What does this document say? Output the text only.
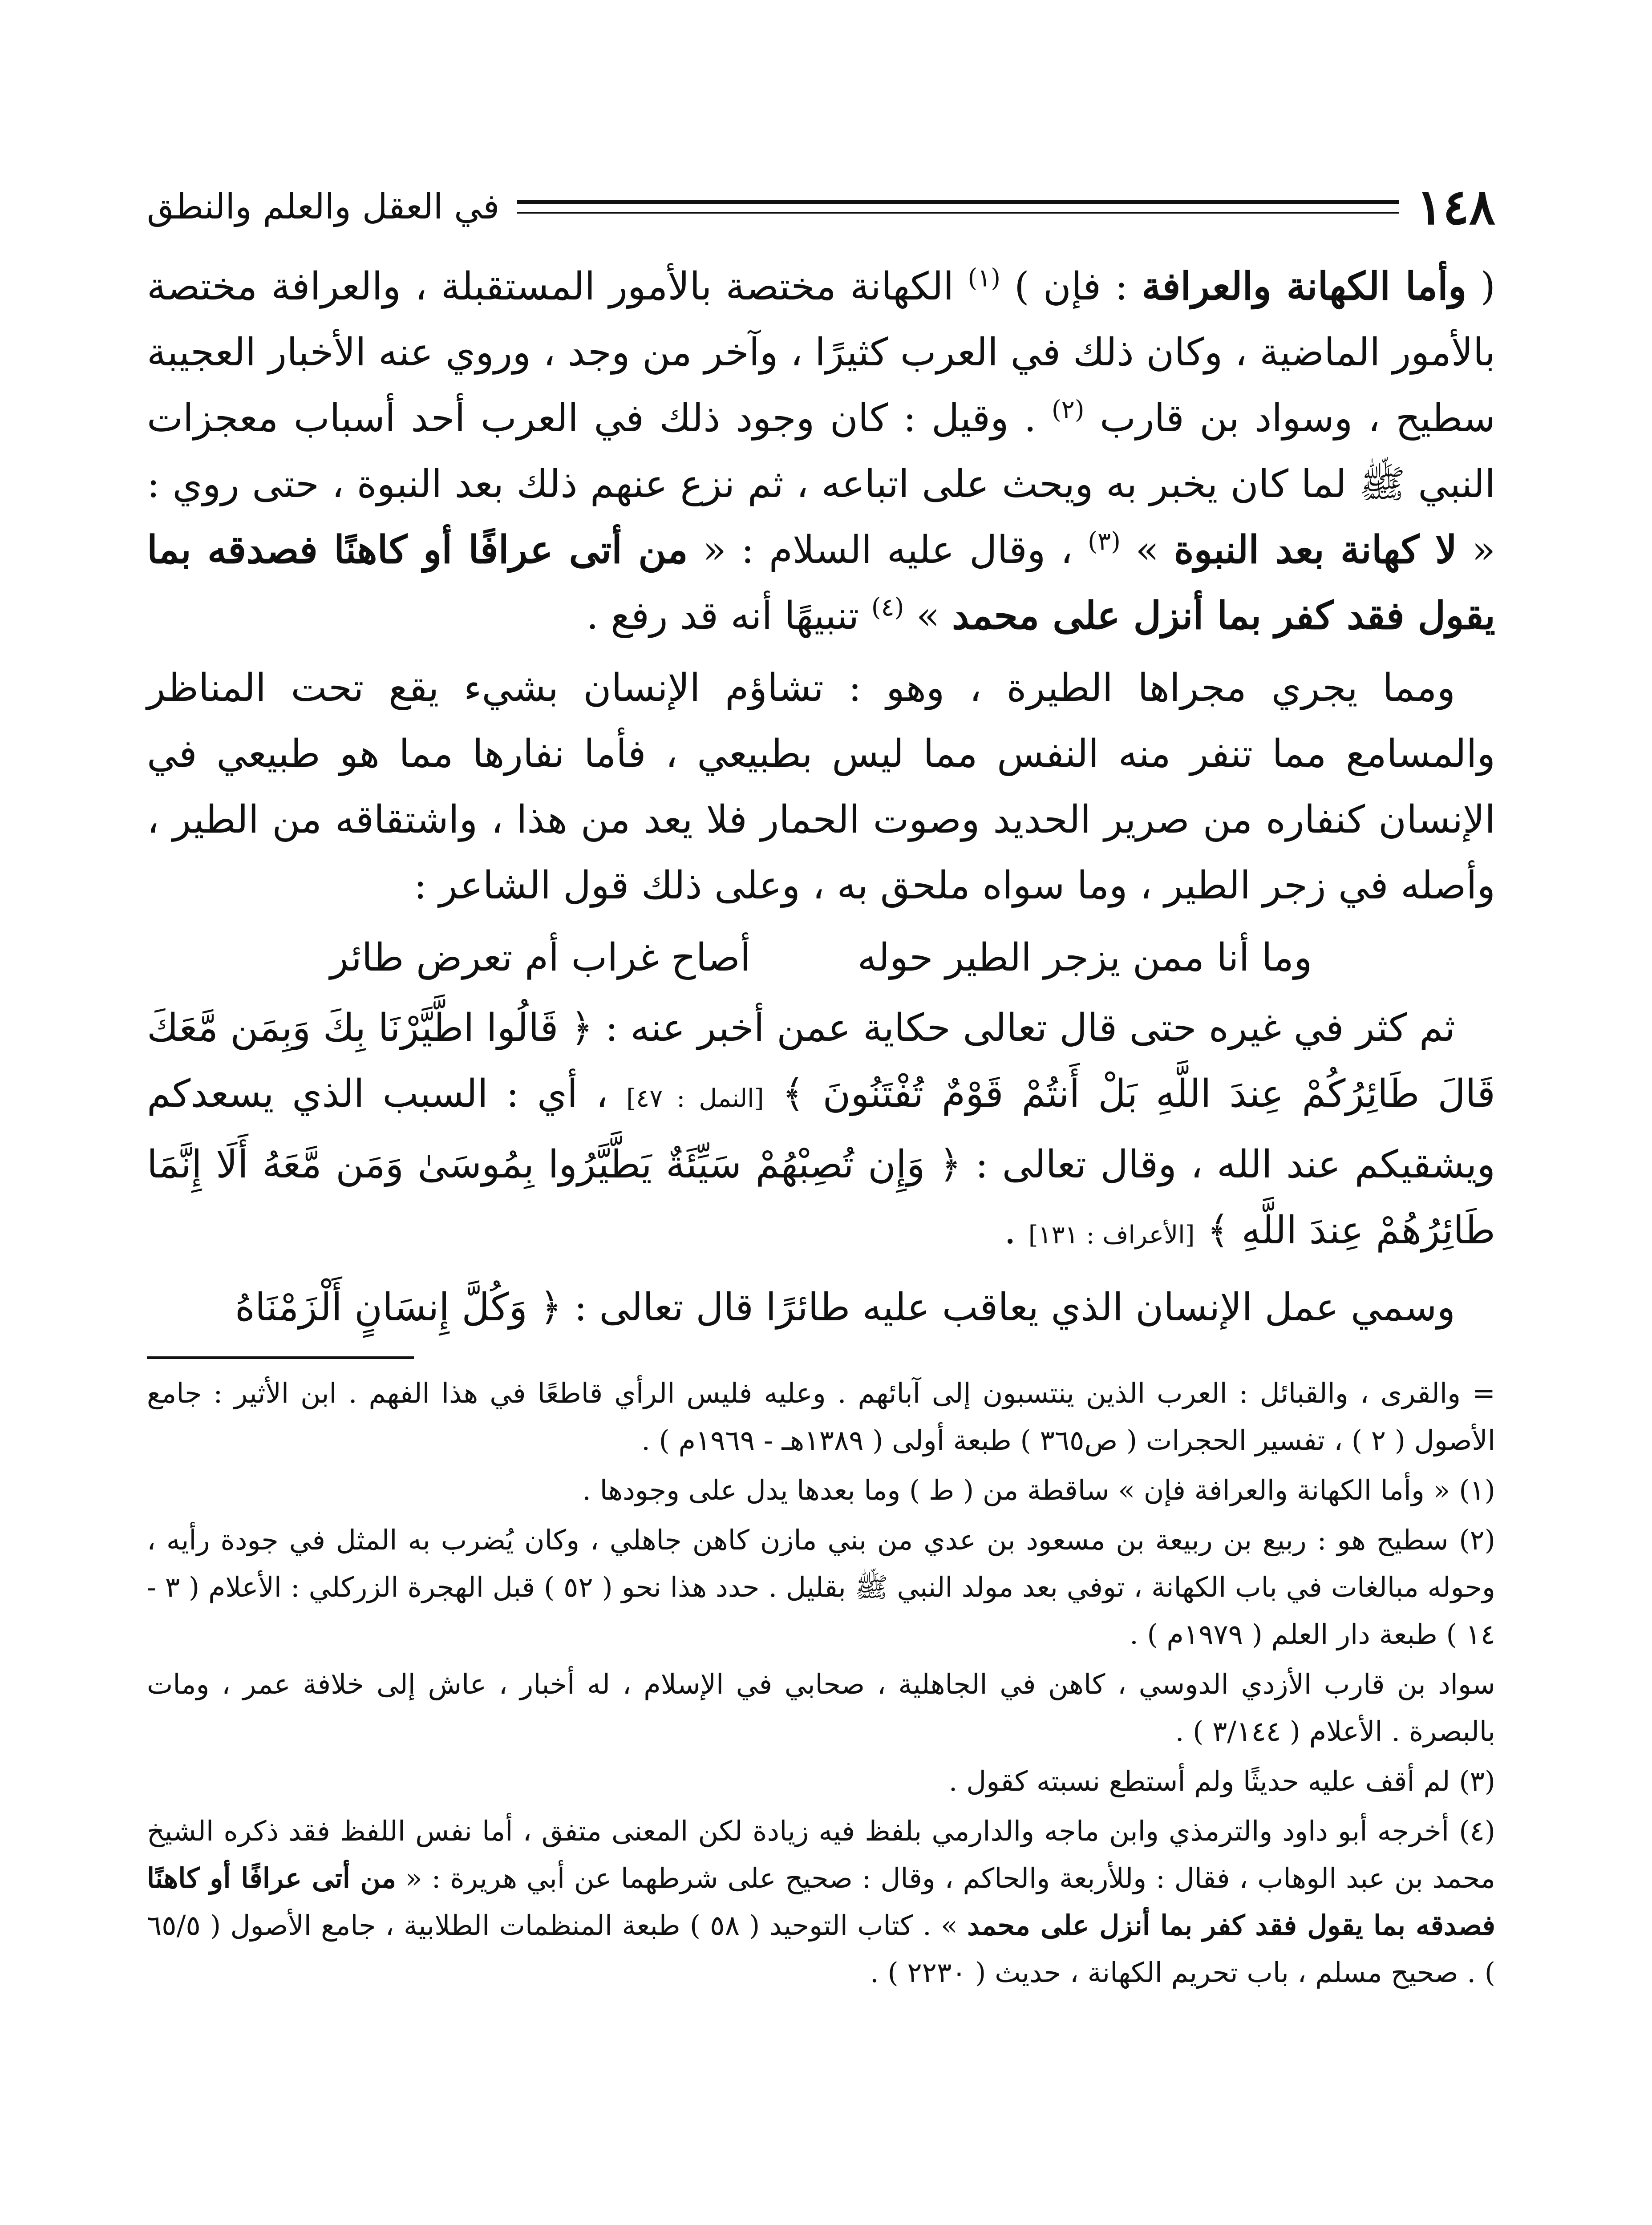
١٤٨
في العقل والعلم والنطق

( وأما الكهانة والعرافة : فإن ) $^{(١)}$ الكهانة مختصة بالأمور المستقبلة ، والعرافة مختصة بالأمور الماضية ، وكان ذلك في العرب كثيرًا ، وآخر من وجد ، وروي عنه الأخبار العجيبة سطيح ، وسواد بن قارب $^{(٢)}$ . وقيل : كان وجود ذلك في العرب أحد أسباب معجزات النبي ﷺ لما كان يخبر به ويحث على اتباعه ، ثم نزع عنهم ذلك بعد النبوة ، حتى روي : « لا كهانة بعد النبوة » $^{(٣)}$ ، وقال عليه السلام : « من أتى عرافًا أو كاهنًا فصدقه بما يقول فقد كفر بما أنزل على محمد » $^{(٤)}$ تنبيهًا أنه قد رفع .

ومما يجري مجراها الطيرة ، وهو : تشاؤم الإنسان بشيء يقع تحت المناظر والمسامع مما تنفر منه النفس مما ليس بطبيعي ، فأما نفارها مما هو طبيعي في الإنسان كنفاره من صرير الحديد وصوت الحمار فلا يعد من هذا ، واشتقاقه من الطير ، وأصله في زجر الطير ، وما سواه ملحق به ، وعلى ذلك قول الشاعر :

وما أنا ممن يزجر الطير حوله
أصاح غراب أم تعرض طائر

ثم كثر في غيره حتى قال تعالى حكاية عمن أخبر عنه : ﴿ قَالُوا اطَّيَّرْنَا بِكَ وَبِمَن مَّعَكَ قَالَ طَائِرُكُمْ عِندَ اللَّهِ بَلْ أَنتُمْ قَوْمٌ تُفْتَنُونَ ﴾ [النمل : ٤٧] ، أي : السبب الذي يسعدكم ويشقيكم عند الله ، وقال تعالى : ﴿ وَإِن تُصِبْهُمْ سَيِّئَةٌ يَطَّيَّرُوا بِمُوسَىٰ وَمَن مَّعَهُ أَلَا إِنَّمَا طَائِرُهُمْ عِندَ اللَّهِ ﴾ [الأعراف : ١٣١] .

وسمي عمل الإنسان الذي يعاقب عليه طائرًا قال تعالى : ﴿ وَكُلَّ إِنسَانٍ أَلْزَمْنَاهُ

= والقرى ، والقبائل : العرب الذين ينتسبون إلى آبائهم . وعليه فليس الرأي قاطعًا في هذا الفهم . ابن الأثير : جامع الأصول ( ٢ ) ، تفسير الحجرات ( ص٣٦٥ ) طبعة أولى ( ١٣٨٩هـ - ١٩٦٩م ) .

(١) « وأما الكهانة والعرافة فإن » ساقطة من ( ط ) وما بعدها يدل على وجودها .

(٢) سطيح هو : ربيع بن ربيعة بن مسعود بن عدي من بني مازن كاهن جاهلي ، وكان يُضرب به المثل في جودة رأيه ، وحوله مبالغات في باب الكهانة ، توفي بعد مولد النبي ﷺ بقليل . حدد هذا نحو ( ٥٢ ) قبل الهجرة الزركلي : الأعلام ( ٣ - ١٤ ) طبعة دار العلم ( ١٩٧٩م ) .

سواد بن قارب الأزدي الدوسي ، كاهن في الجاهلية ، صحابي في الإسلام ، له أخبار ، عاش إلى خلافة عمر ، ومات بالبصرة . الأعلام ( ٣/١٤٤ ) .

(٣) لم أقف عليه حديثًا ولم أستطع نسبته كقول .

(٤) أخرجه أبو داود والترمذي وابن ماجه والدارمي بلفظ فيه زيادة لكن المعنى متفق ، أما نفس اللفظ فقد ذكره الشيخ محمد بن عبد الوهاب ، فقال : وللأربعة والحاكم ، وقال : صحيح على شرطهما عن أبي هريرة : « من أتى عرافًا أو كاهنًا فصدقه بما يقول فقد كفر بما أنزل على محمد » . كتاب التوحيد ( ٥٨ ) طبعة المنظمات الطلابية ، جامع الأصول ( ٦٥/٥ ) . صحيح مسلم ، باب تحريم الكهانة ، حديث ( ٢٢٣٠ ) .
